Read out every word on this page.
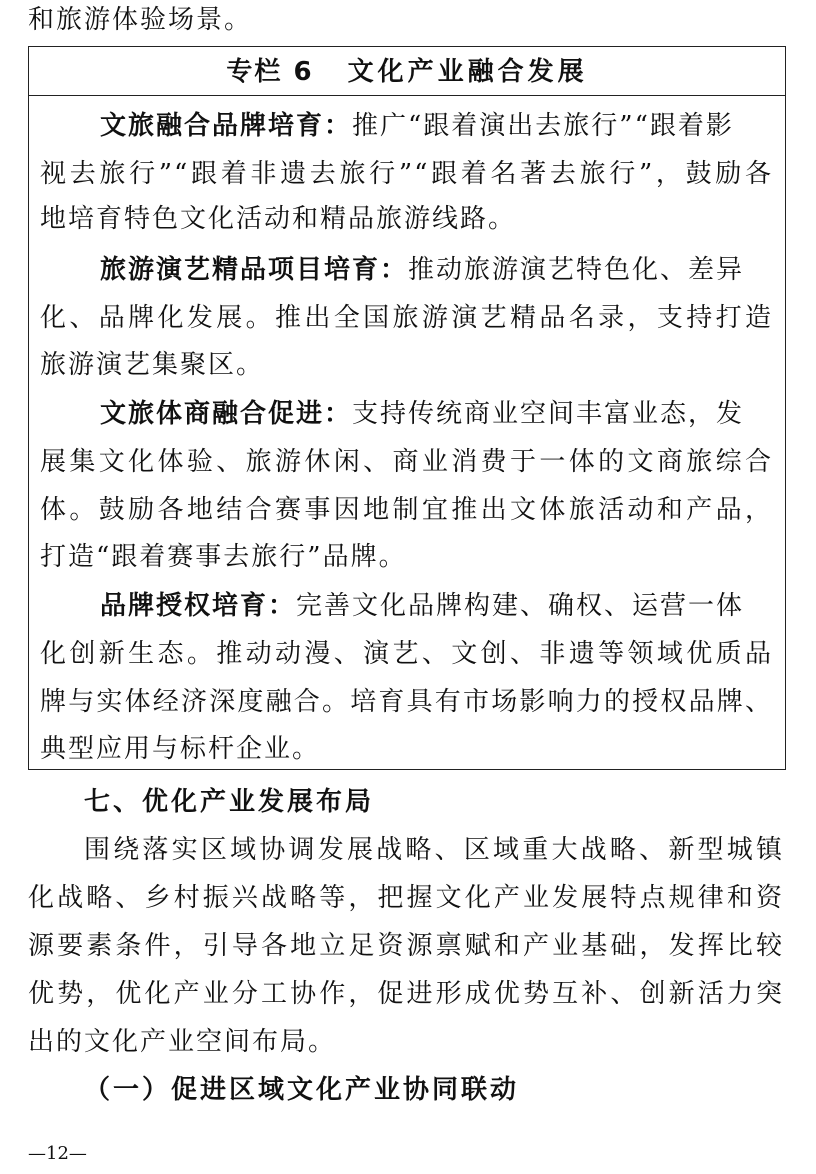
和旅游体验场景。
专栏 6 文化产业融合发展
文旅融合品牌培育：推广“跟着演出去旅行”“跟着影
视去旅行”“跟着非遗去旅行”“跟着名著去旅行”，鼓励各
地培育特色文化活动和精品旅游线路。
旅游演艺精品项目培育：推动旅游演艺特色化、差异
化、品牌化发展。推出全国旅游演艺精品名录，支持打造
旅游演艺集聚区。
文旅体商融合促进：支持传统商业空间丰富业态，发
展集文化体验、旅游休闲、商业消费于一体的文商旅综合
体。鼓励各地结合赛事因地制宜推出文体旅活动和产品，
打造“跟着赛事去旅行”品牌。
品牌授权培育：完善文化品牌构建、确权、运营一体
化创新生态。推动动漫、演艺、文创、非遗等领域优质品
牌与实体经济深度融合。培育具有市场影响力的授权品牌、
典型应用与标杆企业。
七、优化产业发展布局
围绕落实区域协调发展战略、区域重大战略、新型城镇
化战略、乡村振兴战略等，把握文化产业发展特点规律和资
源要素条件，引导各地立足资源禀赋和产业基础，发挥比较
优势，优化产业分工协作，促进形成优势互补、创新活力突
出的文化产业空间布局。
（一）促进区域文化产业协同联动
—12—
